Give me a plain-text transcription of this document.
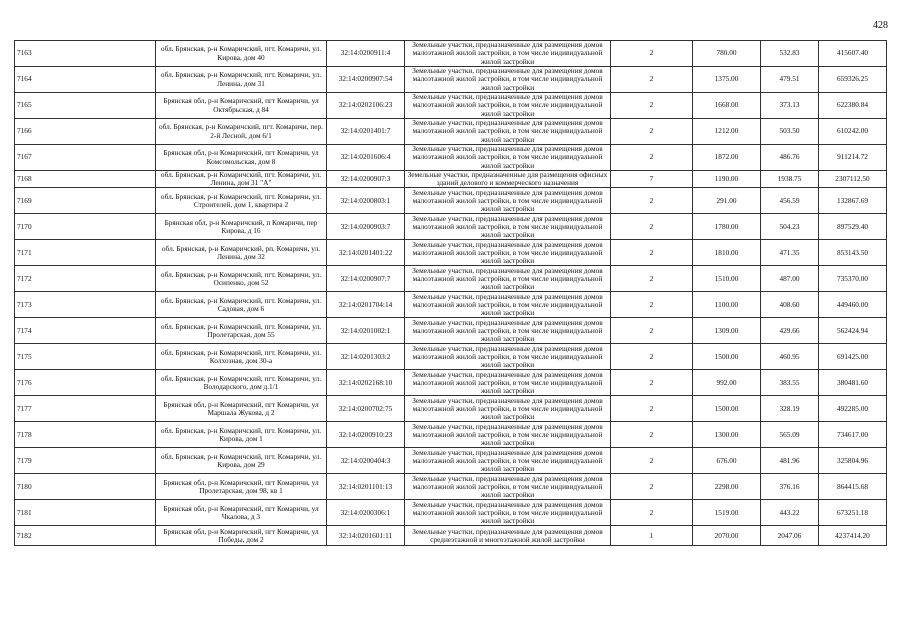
428
7163	обл. Брянская, р-н Комаричский, пгт. Комаричи, ул. Кирова, дом 40	32:14:0200911:4	Земельные участки, предназначенные для размещения домов малоэтажной жилой застройки, в том числе индивидуальной жилой застройки	2	780.00	532.83	415607.40
7164	обл. Брянская, р-н Комаричский, пгт. Комаричи, ул. Ленина, дом 31	32:14:0200907:54	Земельные участки, предназначенные для размещения домов малоэтажной жилой застройки, в том числе индивидуальной жилой застройки	2	1375.00	479.51	659326.25
7165	Брянская обл, р-н Комаричский, пгт Комаричи, ул Октябрьская, д 84	32:14:0202106:23	Земельные участки, предназначенные для размещения домов малоэтажной жилой застройки, в том числе индивидуальной жилой застройки	2	1668.00	373.13	622380.84
7166	обл. Брянская, р-н Комаричский, пгт. Комаричи, пер. 2-й Лесной, дом 6/1	32:14:0201401:7	Земельные участки, предназначенные для размещения домов малоэтажной жилой застройки, в том числе индивидуальной жилой застройки	2	1212.00	503.50	610242.00
7167	Брянская обл, р-н Комаричский, пгт Комаричи, ул Комсомольская, дом 8	32:14:0201606:4	Земельные участки, предназначенные для размещения домов малоэтажной жилой застройки, в том числе индивидуальной жилой застройки	2	1872.00	486.76	911214.72
7168	обл. Брянская, р-н Комаричский, пгт. Комаричи, ул. Ленина, дом 31 "А"	32:14:0200907:3	Земельные участки, предназначенные для размещения офисных зданий делового и коммерческого назначения	7	1190.00	1938.75	2307112.50
7169	обл. Брянская, р-н Комаричский, пгт. Комаричи, ул. Строителей, дом 1, квартира 2	32:14:0200803:1	Земельные участки, предназначенные для размещения домов малоэтажной жилой застройки, в том числе индивидуальной жилой застройки	2	291.00	456.59	132867.69
7170	Брянская обл, р-н Комаричский, п Комаричи, пер Кирова, д 16	32:14:0200903:7	Земельные участки, предназначенные для размещения домов малоэтажной жилой застройки, в том числе индивидуальной жилой застройки	2	1780.00	504.23	897529.40
7171	обл. Брянская, р-н Комаричский, рп. Комаричи, ул. Ленина, дом 32	32:14:0201401:22	Земельные участки, предназначенные для размещения домов малоэтажной жилой застройки, в том числе индивидуальной жилой застройки	2	1810.00	471.35	853143.50
7172	обл. Брянская, р-н Комаричский, пгт. Комаричи, ул. Осипенко, дом 52	32:14:0200907:7	Земельные участки, предназначенные для размещения домов малоэтажной жилой застройки, в том числе индивидуальной жилой застройки	2	1510.00	487.00	735370.00
7173	обл. Брянская, р-н Комаричский, пгт. Комаричи, ул. Садовая, дом 6	32:14:0201704:14	Земельные участки, предназначенные для размещения домов малоэтажной жилой застройки, в том числе индивидуальной жилой застройки	2	1100.00	408.60	449460.00
7174	обл. Брянская, р-н Комаричский, пгт. Комаричи, ул. Пролетарская, дом 55	32:14:0201002:1	Земельные участки, предназначенные для размещения домов малоэтажной жилой застройки, в том числе индивидуальной жилой застройки	2	1309.00	429.66	562424.94
7175	обл. Брянская, р-н Комаричский, пгт. Комаричи, ул. Колхозная, дом 30-а	32:14:0201303:2	Земельные участки, предназначенные для размещения домов малоэтажной жилой застройки, в том числе индивидуальной жилой застройки	2	1500.00	460.95	691425.00
7176	обл. Брянская, р-н Комаричский, пгт. Комаричи, ул. Володарского, дом д.1/1	32:14:0202168:10	Земельные участки, предназначенные для размещения домов малоэтажной жилой застройки, в том числе индивидуальной жилой застройки	2	992.00	383.55	380481.60
7177	Брянская обл, р-н Комаричский, пгт Комаричи, ул Маршала Жукова, д 2	32:14:0200702:75	Земельные участки, предназначенные для размещения домов малоэтажной жилой застройки, в том числе индивидуальной жилой застройки	2	1500.00	328.19	492285.00
7178	обл. Брянская, р-н Комаричский, пгт. Комаричи, ул. Кирова, дом 1	32:14:0200910:23	Земельные участки, предназначенные для размещения домов малоэтажной жилой застройки, в том числе индивидуальной жилой застройки	2	1300.00	565.09	734617.00
7179	обл. Брянская, р-н Комаричский, пгт. Комаричи, ул. Кирова, дом 29	32:14:0200404:3	Земельные участки, предназначенные для размещения домов малоэтажной жилой застройки, в том числе индивидуальной жилой застройки	2	676.00	481.96	325804.96
7180	Брянская обл, р-н Комаричский, пгт Комаричи, ул Пролетарская, дом 98, кв 1	32:14:0201101:13	Земельные участки, предназначенные для размещения домов малоэтажной жилой застройки, в том числе индивидуальной жилой застройки	2	2298.00	376.16	864415.68
7181	Брянская обл, р-н Комаричский, пгт Комаричи, ул Чкалова, д 3	32:14:0200306:1	Земельные участки, предназначенные для размещения домов малоэтажной жилой застройки, в том числе индивидуальной жилой застройки	2	1519.00	443.22	673251.18
7182	Брянская обл, р-н Комаричский, пгт Комаричи, ул Победы, дом 2	32:14:0201601:11	Земельные участки, предназначенные для размещения домов среднеэтажной и многоэтажной жилой застройки	1	2070.00	2047.06	4237414.20
